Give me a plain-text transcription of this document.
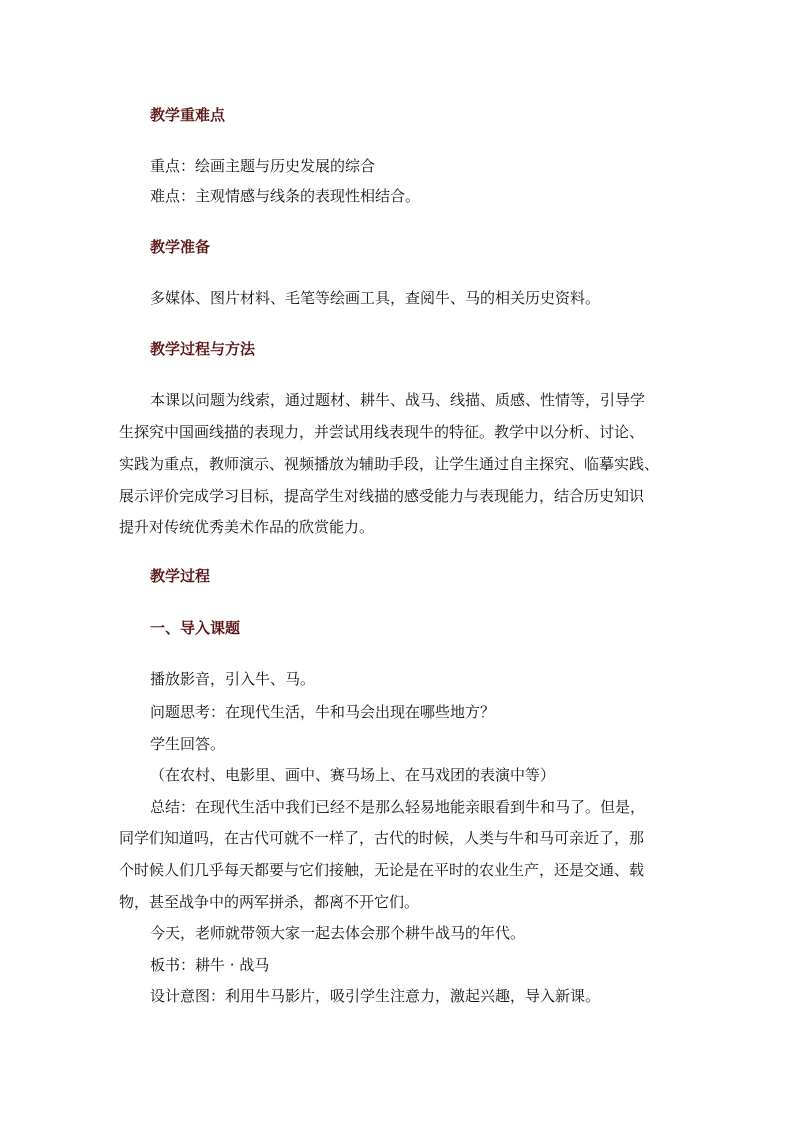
教学重难点
重点：绘画主题与历史发展的综合
难点：主观情感与线条的表现性相结合。
教学准备
多媒体、图片材料、毛笔等绘画工具，查阅牛、马的相关历史资料。
教学过程与方法
本课以问题为线索，通过题材、耕牛、战马、线描、质感、性情等，引导学
生探究中国画线描的表现力，并尝试用线表现牛的特征。教学中以分析、讨论、
实践为重点，教师演示、视频播放为辅助手段，让学生通过自主探究、临摹实践、
展示评价完成学习目标，提高学生对线描的感受能力与表现能力，结合历史知识
提升对传统优秀美术作品的欣赏能力。
教学过程
一、导入课题
播放影音，引入牛、马。
问题思考：在现代生活，牛和马会出现在哪些地方？
学生回答。
（在农村、电影里、画中、赛马场上、在马戏团的表演中等）
总结：在现代生活中我们已经不是那么轻易地能亲眼看到牛和马了。但是，
同学们知道吗，在古代可就不一样了，古代的时候，人类与牛和马可亲近了，那
个时候人们几乎每天都要与它们接触，无论是在平时的农业生产，还是交通、载
物，甚至战争中的两军拼杀，都离不开它们。
今天，老师就带领大家一起去体会那个耕牛战马的年代。
板书：耕牛 · 战马
设计意图：利用牛马影片，吸引学生注意力，激起兴趣，导入新课。
